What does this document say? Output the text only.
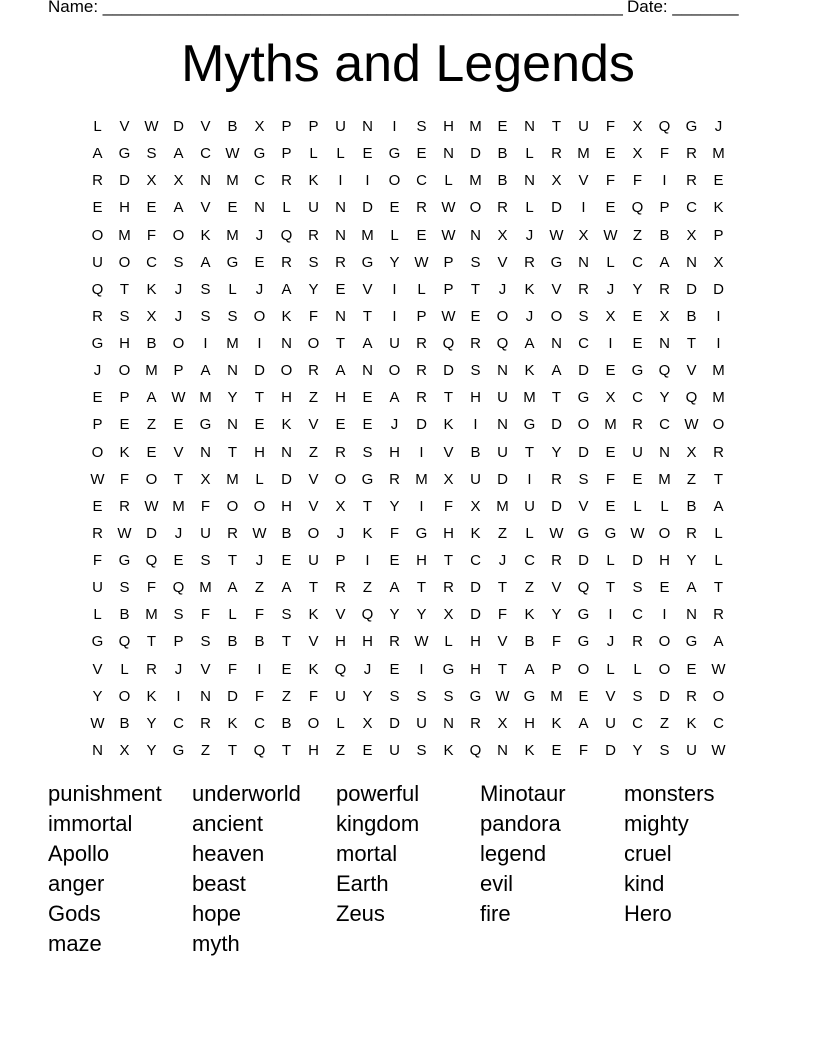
Name: _______________________________________________________ Date: _______
Myths and Legends
L	V W D	V	B	X	P	P	U	N	I	S	H	M	E	N	T	U	F	X	Q	G	J
A	G	S	A	C W G	P	L	L	E	G	E	N	D	B	L	R	M	E	X	F	R	M
R	D	X	X	N	M	C	R	K	I	I	O	C	L	M	B	N	X	V	F	F	I	R	E
E	H	E	A	V	E	N	L	U	N	D	E	R W O	R	L	D	I	E	Q	P	C	K
O M	F	O	K	M	J	Q	R	N	M	L	E W N	X	J	W X W	Z	B	X	P
U	O	C	S	A	G	E	R	S	R	G	Y W P	S	V	R	G	N	L	C	A	N	X
Q	T	K	J	S	L	J	A	Y	E	V	I	L	P	T	J	K	V	R	J	Y	R	D	D
R	S	X	J	S	S	O	K	F	N	T	I	P W E	O	J	O	S	X	E	X	B	I
G	H	B	O	I	M	I	N	O	T	A	U	R	Q	R	Q	A	N	C	I	E	N	T	I
J	O M	P	A	N	D	O	R	A	N	O	R	D	S	N	K	A	D	E	G	Q	V	M
E	P	A W M	Y	T	H	Z	H	E	A	R	T	H	U	M	T	G	X	C	Y	Q M
P	E	Z	E	G	N	E	K	V	E	E	J	D	K	I	N	G	D	O M	R	C W O
O	K	E	V	N	T	H	N	Z	R	S	H	I	V	B	U	T	Y	D	E	U	N	X	R
W	F	O	T	X	M	L	D	V	O	G	R	M	X	U	D	I	R	S	F	E	M	Z	T
E	R W M	F	O	O	H	V	X	T	Y	I	F	X	M	U	D	V	E	L	L	B	A
R W D	J	U	R W B	O	J	K	F	G	H	K	Z	L	W G	G W O	R	L
F	G	Q	E	S	T	J	E	U	P	I	E	H	T	C	J	C	R	D	L	D	H	Y	L
U	S	F	Q M	A	Z	A	T	R	Z	A	T	R	D	T	Z	V	Q	T	S	E	A	T
L	B	M	S	F	L	F	S	K	V	Q	Y	Y	X	D	F	K	Y	G	I	C	I	N	R
G	Q	T	P	S	B	B	T	V	H	H	R W	L	H	V	B	F	G	J	R	O	G	A
V	L	R	J	V	F	I	E	K	Q	J	E	I	G	H	T	A	P	O	L	L	O	E W
Y	O	K	I	N	D	F	Z	F	U	Y	S	S	S	G W G M	E	V	S	D	R	O
W B	Y	C	R	K	C	B	O	L	X	D	U	N	R	X	H	K	A	U	C	Z	K	C
N	X	Y	G	Z	T	Q	T	H	Z	E	U	S	K	Q	N	K	E	F	D	Y	S	U W
punishment	underworld	powerful	Minotaur	monsters
immortal	ancient	kingdom	pandora	mighty
Apollo	heaven	mortal	legend	cruel
anger	beast	Earth	evil	kind
Gods	hope	Zeus	fire	Hero
maze	myth
